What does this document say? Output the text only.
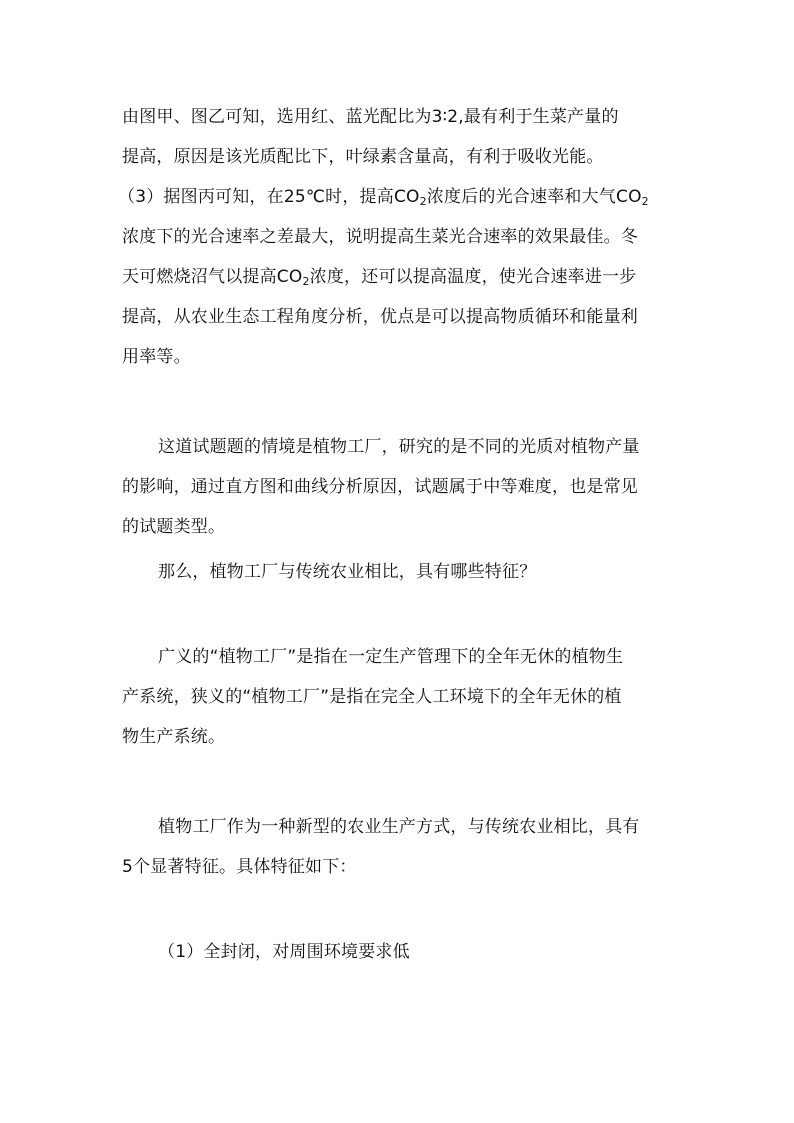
由图甲、图乙可知，选用红、蓝光配比为3∶2,最有利于生菜产量的
提高，原因是该光质配比下，叶绿素含量高，有利于吸收光能。
（3）据图丙可知，在25℃时，提高$CO_2$浓度后的光合速率和大气$CO_2$
浓度下的光合速率之差最大，说明提高生菜光合速率的效果最佳。冬
天可燃烧沼气以提高$CO_2$浓度，还可以提高温度，使光合速率进一步
提高，从农业生态工程角度分析，优点是可以提高物质循环和能量利
用率等。
这道试题题的情境是植物工厂，研究的是不同的光质对植物产量
的影响，通过直方图和曲线分析原因，试题属于中等难度，也是常见
的试题类型。
那么，植物工厂与传统农业相比，具有哪些特征？
广义的“植物工厂”是指在一定生产管理下的全年无休的植物生
产系统，狭义的“植物工厂”是指在完全人工环境下的全年无休的植
物生产系统。
植物工厂作为一种新型的农业生产方式，与传统农业相比，具有
5个显著特征。具体特征如下：
（1）全封闭，对周围环境要求低
